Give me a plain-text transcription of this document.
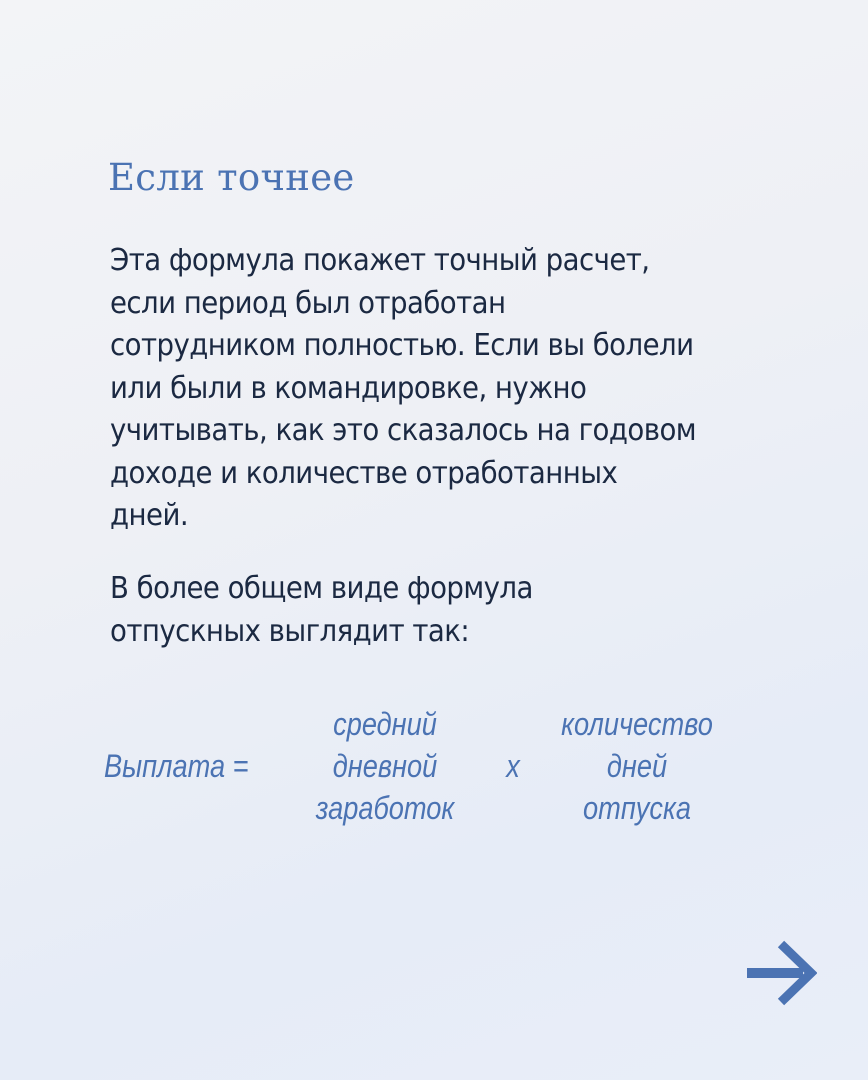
Если точнее
Эта формула покажет точный расчет,
если период был отработан
сотрудником полностью. Если вы болели
или были в командировке, нужно
учитывать, как это сказалось на годовом
доходе и количестве отработанных
дней.
В более общем виде формула
отпускных выглядит так:
Выплата =
средний
дневной
заработок
х
количество
дней
отпуска
